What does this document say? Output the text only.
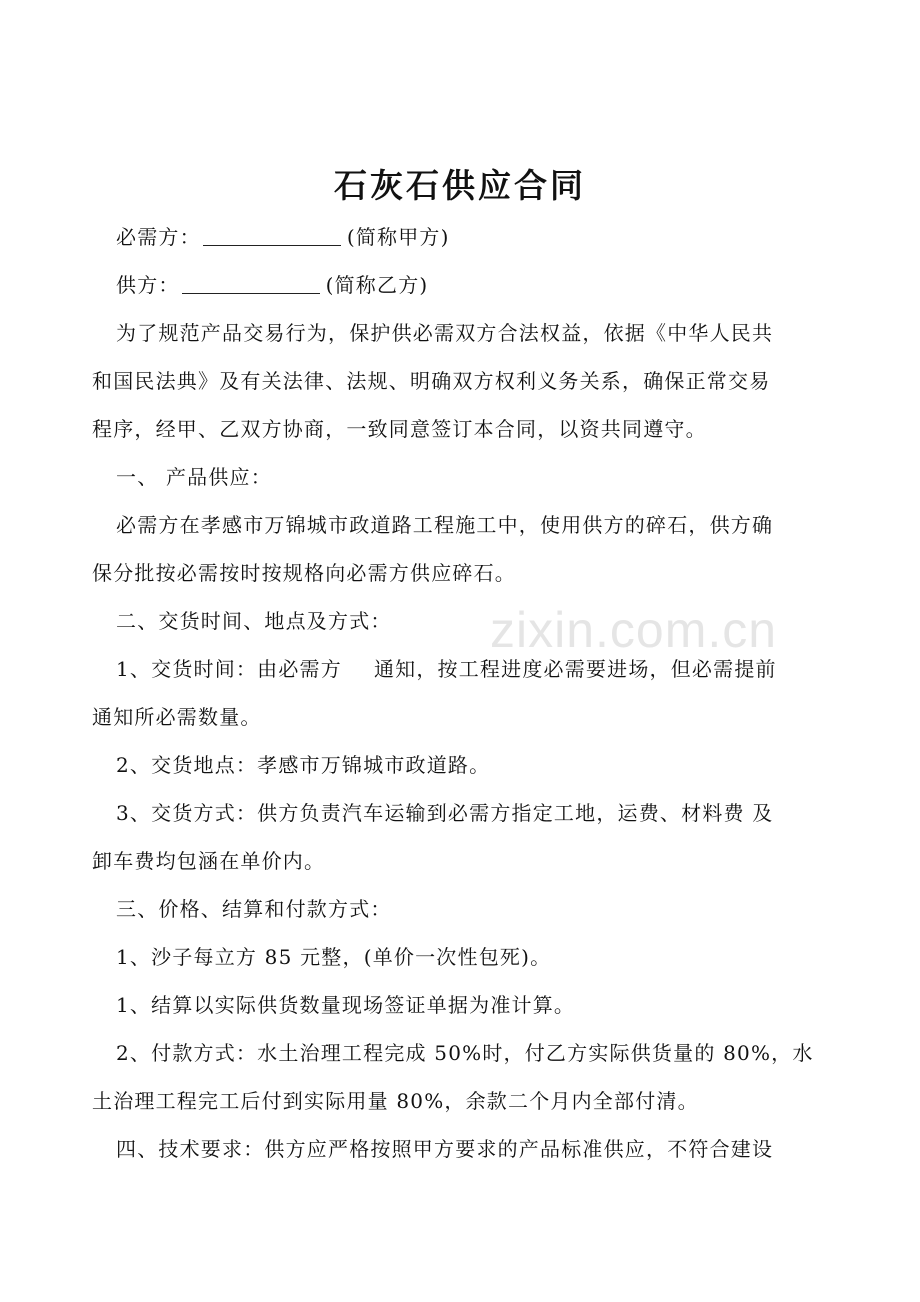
zixin.com.cn
石灰石供应合同
必需方：	(简称甲方)
供方：	(简称乙方)
为了规范产品交易行为，保护供必需双方合法权益，依据《中华人民共
和国民法典》及有关法律、法规、明确双方权利义务关系，确保正常交易
程序，经甲、乙双方协商，一致同意签订本合同，以资共同遵守。
一、 产品供应：
必需方在孝感市万锦城市政道路工程施工中，使用供方的碎石，供方确
保分批按必需按时按规格向必需方供应碎石。
二、交货时间、地点及方式：
1、交货时间：由必需方 通知，按工程进度必需要进场，但必需提前
通知所必需数量。
2、交货地点：孝感市万锦城市政道路。
3、交货方式：供方负责汽车运输到必需方指定工地，运费、材料费 及
卸车费均包涵在单价内。
三、价格、结算和付款方式：
1、沙子每立方 85 元整，(单价一次性包死)。
1、结算以实际供货数量现场签证单据为准计算。
2、付款方式：水土治理工程完成 50%时，付乙方实际供货量的 80%，水
土治理工程完工后付到实际用量 80%，余款二个月内全部付清。
四、技术要求：供方应严格按照甲方要求的产品标准供应，不符合建设
